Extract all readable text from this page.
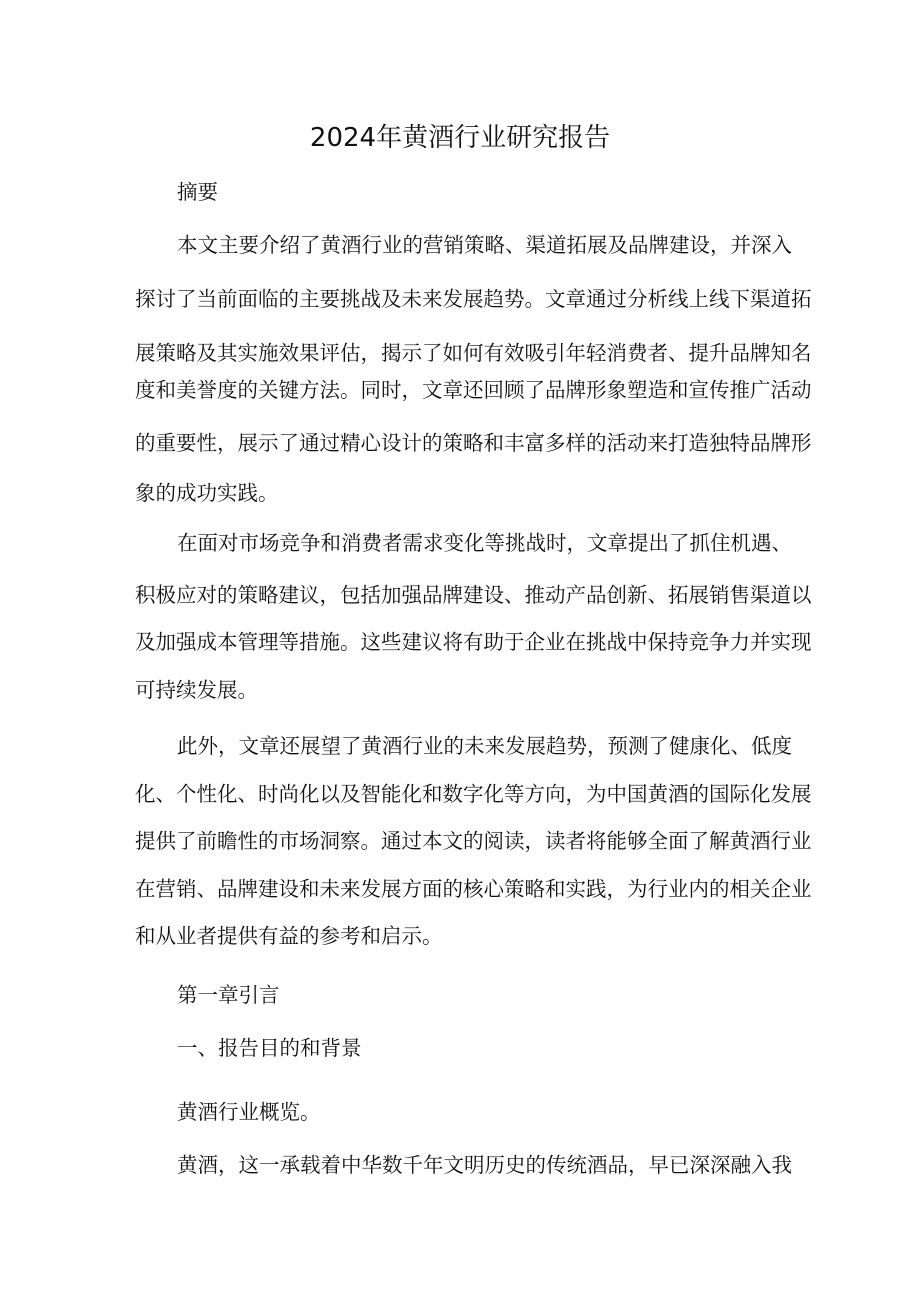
2024年黄酒行业研究报告
摘要
本文主要介绍了黄酒行业的营销策略、渠道拓展及品牌建设，并深入
探讨了当前面临的主要挑战及未来发展趋势。文章通过分析线上线下渠道拓
展策略及其实施效果评估，揭示了如何有效吸引年轻消费者、提升品牌知名
度和美誉度的关键方法。同时，文章还回顾了品牌形象塑造和宣传推广活动
的重要性，展示了通过精心设计的策略和丰富多样的活动来打造独特品牌形
象的成功实践。
在面对市场竞争和消费者需求变化等挑战时，文章提出了抓住机遇、
积极应对的策略建议，包括加强品牌建设、推动产品创新、拓展销售渠道以
及加强成本管理等措施。这些建议将有助于企业在挑战中保持竞争力并实现
可持续发展。
此外，文章还展望了黄酒行业的未来发展趋势，预测了健康化、低度
化、个性化、时尚化以及智能化和数字化等方向，为中国黄酒的国际化发展
提供了前瞻性的市场洞察。通过本文的阅读，读者将能够全面了解黄酒行业
在营销、品牌建设和未来发展方面的核心策略和实践，为行业内的相关企业
和从业者提供有益的参考和启示。
第一章引言
一、报告目的和背景
黄酒行业概览。
黄酒，这一承载着中华数千年文明历史的传统酒品，早已深深融入我
